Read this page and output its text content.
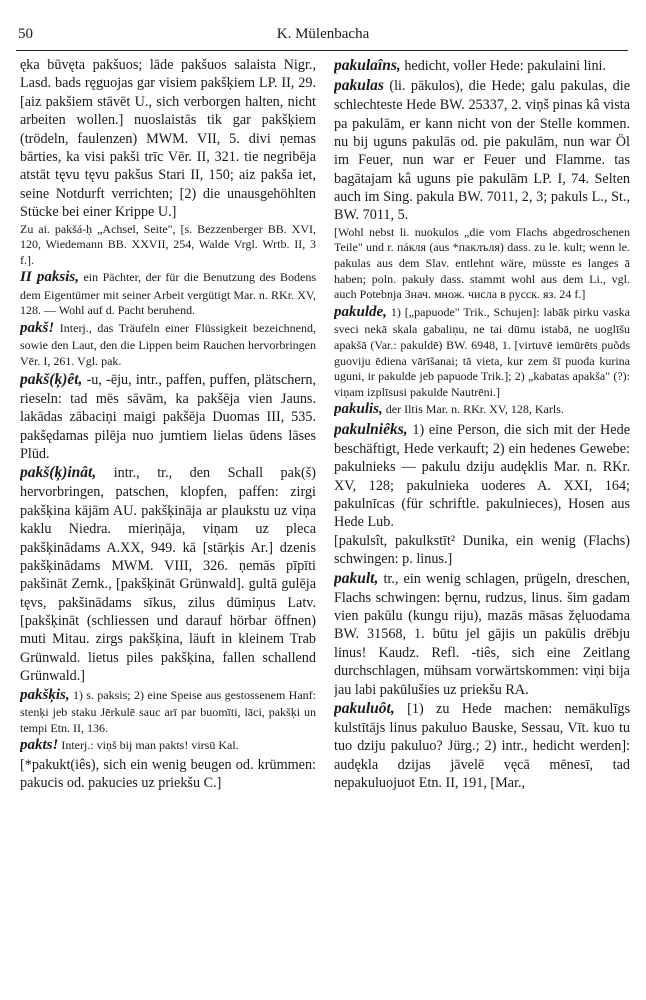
50	K. Mülenbacha

ęka būvęta pakšuos; lāde pakšuos salaista Nigr., Lasd. bads ręguojas gar visiem pakšķiem LP. II, 29. [aiz pakšiem stāvēt U., sich verborgen halten, nicht arbeiten wollen.] nuoslaistās tik gar pakšķiem (trödeln, faulenzen) MWM. VII, 5. divi ņemas bārties, ka visi pakši trīc Vēr. II, 321. tie negribēja atstāt tęvu tęvu pakšus Stari II, 150; aiz pakša iet, seine Notdurft verrichten; [2) die unausgehöhlten Stücke bei einer Krippe U.]

Zu ai. pakšá-ḥ „Achsel, Seite", [s. Bezzenberger BB. XVI, 120, Wiedemann BB. XXVII, 254, Walde Vrgl. Wrtb. II, 3 f.].

II paksis, ein Pächter, der für die Benutzung des Bodens dem Eigentümer mit seiner Arbeit vergütigt Mar. n. RKr. XV, 128. — Wohl auf d. Pacht beruhend.

pakš! Interj., das Träufeln einer Flüssigkeit bezeichnend, sowie den Laut, den die Lippen beim Rauchen hervorbringen Vēr. I, 261. Vgl. pak.

pakš(ķ)êt, -u, -ēju, intr., paffen, puffen, plätschern, rieseln: tad mēs sāvām, ka pakšēja vien Jauns. lakādas zābaciņi maigi pakšēja Duomas III, 535. pakšędamas pilēja nuo jumtiem lielas ūdens lāses Plūd.

pakš(ķ)inât, intr., tr., den Schall pak(š) hervorbringen, patschen, klopfen, paffen: zirgi pakšķina kājām AU. pakšķināja ar plaukstu uz viņa kaklu Niedra. mieriņāja, viņam uz pleca pakšķinādams A.XX, 949. kā [stārķis Ar.] dzenis pakšķinādams MWM. VIII, 326. ņemās pīpīti pakšināt Zemk., [pakšķināt Grünwald]. gultā gulēja tęvs, pakšinādams sīkus, zilus dūmiņus Latv. [pakšķināt (schliessen und darauf hörbar öffnen) muti Mitau. zirgs pakšķina, läuft in kleinem Trab Grünwald. lietus piles pakšķina, fallen schallend Grünwald.]

pakšķis, 1) s. paksis; 2) eine Speise aus gestossenem Hanf: stenķi jeb staku Jērkulē sauc arī par buomīti, lāci, pakšķi un tempi Etn. II, 136.

pakts! Interj.: viņš bij man pakts! virsū Kal.

[*pakukt(iês), sich ein wenig beugen od. krümmen: pakucis od. pakucies uz priekšu C.]

pakulaîns, hedicht, voller Hede: pakulaini lini.

pakulas (li. pākulos), die Hede; galu pakulas, die schlechteste Hede BW. 25337, 2. viņš pinas kâ vista pa pakulām, er kann nicht von der Stelle kommen. nu bij uguns pakulās od. pie pakulām, nun war Öl im Feuer, nun war er Feuer und Flamme. tas bagātajam kâ uguns pie pakulām LP. I, 74. Selten auch im Sing. pakula BW. 7011, 2, 3; pakuls L., St., BW. 7011, 5.

[Wohl nebst li. nuokulos „die vom Flachs abgedroschenen Teile" und r. пáкля (aus *паклъля) dass. zu le. kult; wenn le. pakulas aus dem Slav. entlehnt wäre, müsste es langes ā haben; poln. pakuły dass. stammt wohl aus dem Li., vgl. auch Potebnja Знач. множ. числа в русск. яз. 24 f.]

pakulde, 1) [„papuode" Trik., Schujen]: labāk pirku vaska sveci nekā skala gabaliņu, ne tai dūmu istabā, ne uoglīšu apakšā (Var.: pakuldē) BW. 6948, 1. [virtuvē iemūrēts puõds guoviju ēdiena vārīšanai; tā vieta, kur zem šī puoda kurina uguni, ir pakulde jeb papuode Trik.]; 2) „kabatas apakša" (?): viņam izplīsusi pakulde Nautrēni.]

pakulis, der Iltis Mar. n. RKr. XV, 128, Karls.

pakulniêks, 1) eine Person, die sich mit der Hede beschäftigt, Hede verkauft; 2) ein hedenes Gewebe: pakulnieks — pakulu dziju audęklis Mar. n. RKr. XV, 128; pakulnieka uoderes A. XXI, 164; pakulnīcas (für schriftle. pakulnieces), Hosen aus Hede Lub.

[pakulsît, pakulkstīt² Dunika, ein wenig (Flachs) schwingen: p. linus.]

pakult, tr., ein wenig schlagen, prügeln, dreschen, Flachs schwingen: bęrnu, rudzus, linus. šim gadam vien pakūlu (kungu riju), mazās māsas žęluodama BW. 31568, 1. būtu jel gājis un pakūlis drēbju linus! Kaudz. Refl. -tiês, sich eine Zeitlang durchschlagen, mühsam vorwärtskommen: viņi bija jau labi pakūlušies uz priekšu RA.

pakuluôt, [1) zu Hede machen: nemākulīgs kulstītājs linus pakuluo Bauske, Sessau, Vīt. kuo tu tuo dziju pakuluo? Jürg.; 2) intr., hedicht werden]: audękla dzijas jāvelē vęcā mēnesī, tad nepakuluojuot Etn. II, 191, [Mar.,
